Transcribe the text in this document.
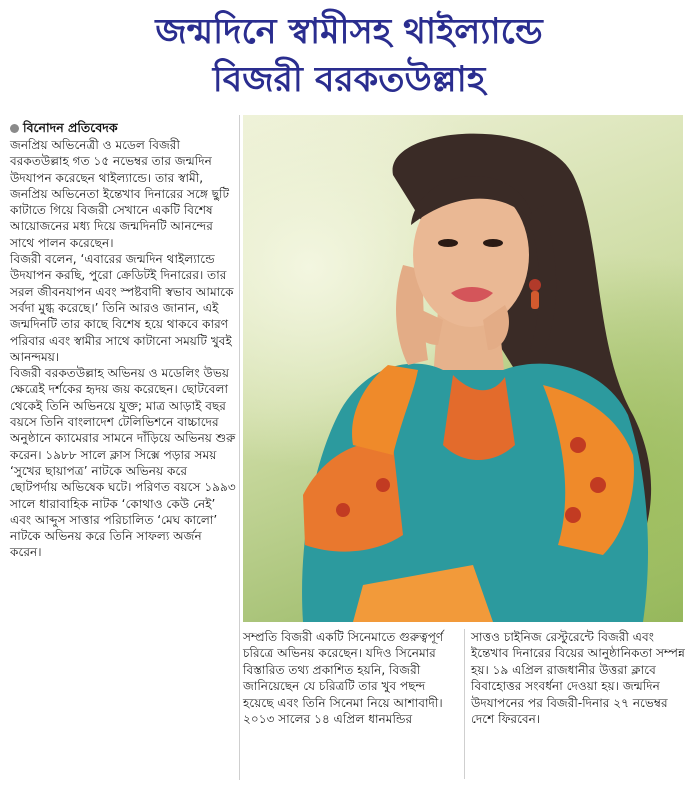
জন্মদিনে স্বামীসহ থাইল্যান্ডে
বিজরী বরকতউল্লাহ
বিনোদন প্রতিবেদক

জনপ্রিয় অভিনেত্রী ও মডেল বিজরী বরকতউল্লাহ গত ১৫ নভেম্বর তার জন্মদিন উদযাপন করেছেন থাইল্যান্ডে। তার স্বামী, জনপ্রিয় অভিনেতা ইন্তেখাব দিনারের সঙ্গে ছুটি কাটাতে গিয়ে বিজরী সেখানে একটি বিশেষ আয়োজনের মধ্য দিয়ে জন্মদিনটি আনন্দের সাথে পালন করেছেন।

বিজরী বলেন, ‘এবারের জন্মদিন থাইল্যান্ডে উদযাপন করছি, পুরো ক্রেডিটই দিনারের। তার সরল জীবনযাপন এবং স্পষ্টবাদী স্বভাব আমাকে সর্বদা মুগ্ধ করেছে।’ তিনি আরও জানান, এই জন্মদিনটি তার কাছে বিশেষ হয়ে থাকবে কারণ পরিবার এবং স্বামীর সাথে কাটানো সময়টি খুবই আনন্দময়।

বিজরী বরকতউল্লাহ অভিনয় ও মডেলিং উভয় ক্ষেত্রেই দর্শকের হৃদয় জয় করেছেন। ছোটবেলা থেকেই তিনি অভিনয়ে যুক্ত; মাত্র আড়াই বছর বয়সে তিনি বাংলাদেশ টেলিভিশনে বাচ্চাদের অনুষ্ঠানে ক্যামেরার সামনে দাঁড়িয়ে অভিনয় শুরু করেন। ১৯৮৮ সালে ক্লাস সিক্সে পড়ার সময় ‘সুখের ছায়াপত্র’ নাটকে অভিনয় করে ছোটপর্দায় অভিষেক ঘটে। পরিণত বয়সে ১৯৯৩ সালে ধারাবাহিক নাটক ‘কোথাও কেউ নেই’ এবং আব্দুস সাত্তার পরিচালিত ‘মেঘ কালো’ নাটকে অভিনয় করে তিনি সাফল্য অর্জন করেন।

সম্প্রতি বিজরী একটি সিনেমাতে গুরুত্বপূর্ণ চরিত্রে অভিনয় করেছেন। যদিও সিনেমার বিস্তারিত তথ্য প্রকাশিত হয়নি, বিজরী জানিয়েছেন যে চরিত্রটি তার খুব পছন্দ হয়েছে এবং তিনি সিনেমা নিয়ে আশাবাদী। ২০১৩ সালের ১৪ এপ্রিল ধানমন্ডির

সাত্তও চাইনিজ রেস্টুরেন্টে বিজরী এবং ইন্তেখাব দিনারের বিয়ের আনুষ্ঠানিকতা সম্পন্ন হয়। ১৯ এপ্রিল রাজধানীর উত্তরা ক্লাবে বিবাহোত্তর সংবর্ধনা দেওয়া হয়। জন্মদিন উদযাপনের পর বিজরী-দিনার ২৭ নভেম্বর দেশে ফিরবেন।
